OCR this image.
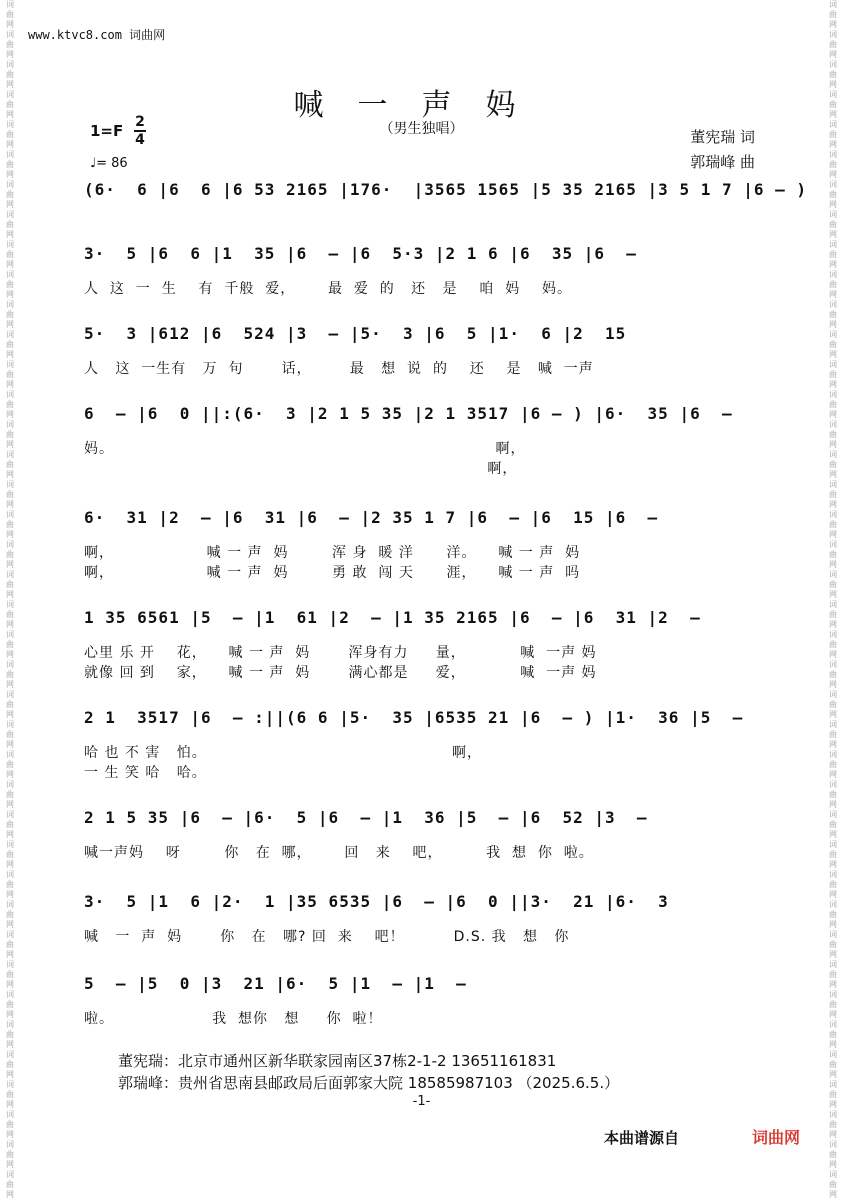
词曲网词曲网词曲网词曲网词曲网词曲网词曲网词曲网词曲网词曲网词曲网词曲网词曲网词曲网词曲网词曲网词曲网词曲网词曲网词曲网词曲网词曲网词曲网词曲网词曲网词曲网词曲网词曲网词曲网词曲网词曲网词曲网词曲网词曲网词曲网词曲网词曲网词曲网词曲网词曲网
词曲网词曲网词曲网词曲网词曲网词曲网词曲网词曲网词曲网词曲网词曲网词曲网词曲网词曲网词曲网词曲网词曲网词曲网词曲网词曲网词曲网词曲网词曲网词曲网词曲网词曲网词曲网词曲网词曲网词曲网词曲网词曲网词曲网词曲网词曲网词曲网词曲网词曲网词曲网词曲网
www.ktvc8.com 词曲网
喊一声妈
（男生独唱）
1=F 2
4
♩= 86
董宪瑞 词
郭瑞峰 曲
(6·  6 |6  6 |6 53 2165 |176·  |3565 1565 |5 35 2165 |3 5 1 7 |6 – )
3·  5 |6  6 |1  35 |6  – |6  5·3 |2 1 6 |6  35 |6  –
人  这  一  生    有  千般  爱，      最  爱  的   还   是    咱  妈    妈。
5·  3 |612 |6  524 |3  – |5·  3 |6  5 |1·  6 |2  15
人   这  一生有   万  句       话，       最   想  说  的    还    是   喊  一声
6  – |6  0 ||:(6·  3 |2 1 5 35 |2 1 3517 |6 – ) |6·  35 |6  –
妈。                                                                      啊，
啊，
6·  31 |2  – |6  31 |6  – |2 35 1 7 |6  – |6  15 |6  –
啊，                 喊 一 声  妈        浑 身  暖 洋      洋。    喊 一 声  妈
啊，                 喊 一 声  妈        勇 敢  闯 天      涯，    喊 一 声  吗
1 35 6561 |5  – |1  61 |2  – |1 35 2165 |6  – |6  31 |2  –
心里 乐 开    花，    喊 一 声  妈       浑身有力     量，          喊  一声 妈
就像 回 到    家，    喊 一 声  妈       满心都是     爱，          喊  一声 妈
2 1  3517 |6  – :||(6 6 |5·  35 |6535 21 |6  – ) |1·  36 |5  –
哈 也 不 害   怕。                                             啊，
一 生 笑 哈   哈。
2 1 5 35 |6  – |6·  5 |6  – |1  36 |5  – |6  52 |3  –
喊一声妈    呀        你   在  哪，      回   来    吧，        我  想  你  啦。
3·  5 |1  6 |2·  1 |35 6535 |6  – |6  0 ||3·  21 |6·  3
喊   一  声  妈       你   在   哪? 回  来    吧！         D.S. 我   想   你
5  – |5  0 |3  21 |6·  5 |1  – |1  –
啦。                  我  想你   想     你  啦！
董宪瑞：北京市通州区新华联家园南区37栋2-1-2 13651161831
郭瑞峰：贵州省思南县邮政局后面郭家大院 18585987103 （2025.6.5.）
-1-
本曲谱源自	词曲网
